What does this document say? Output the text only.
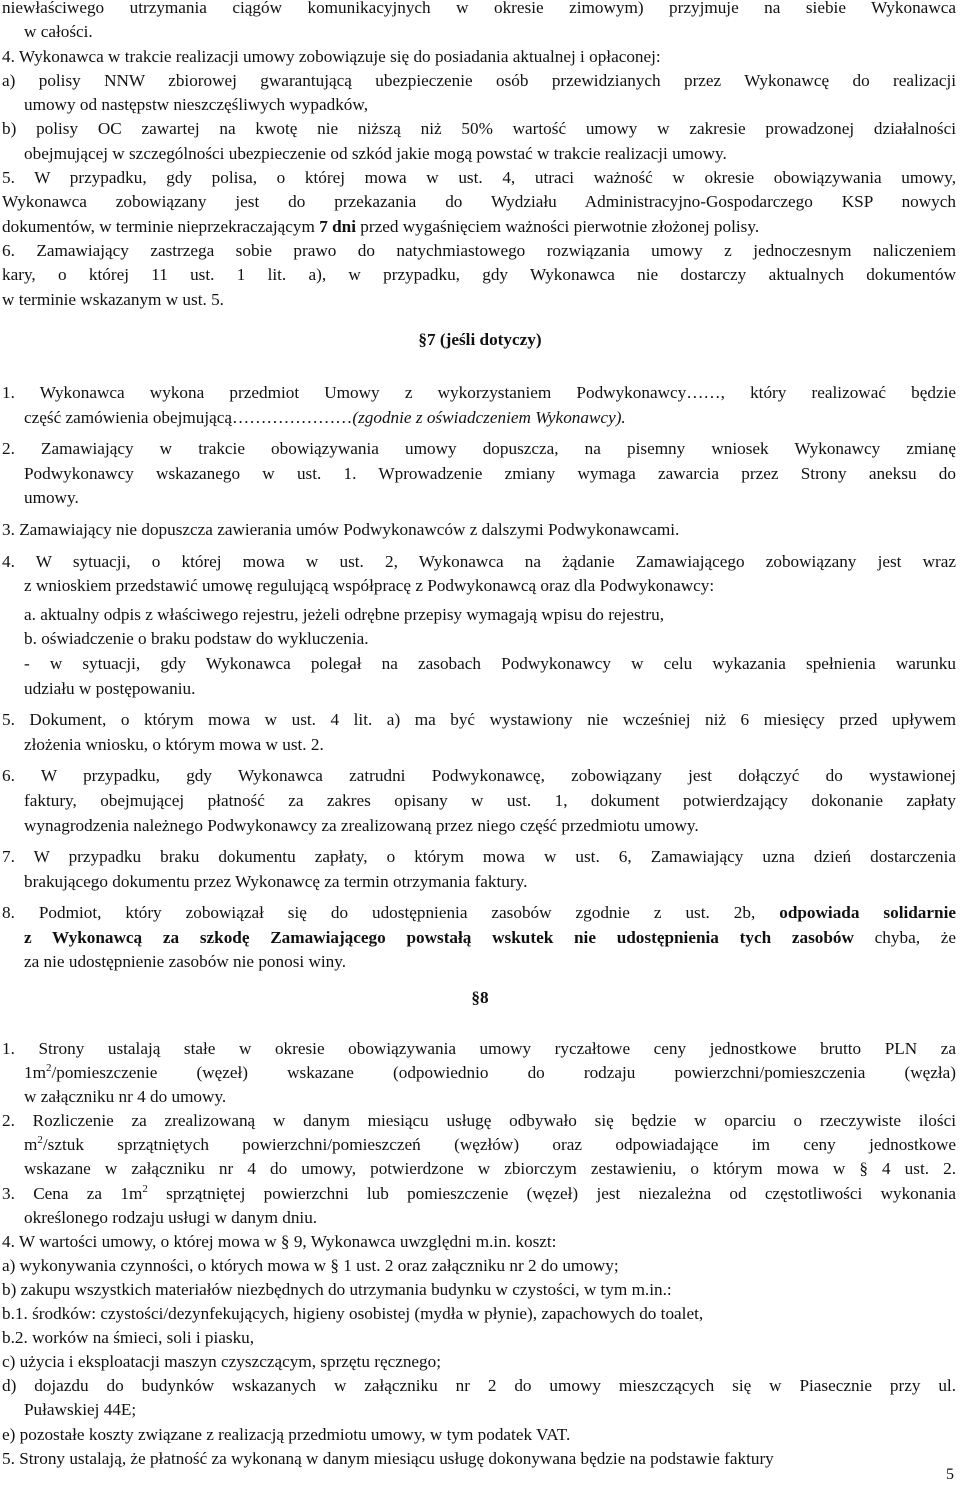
niewłaściwego utrzymania ciągów komunikacyjnych w okresie zimowym) przyjmuje na siebie Wykonawca
w całości.
4. Wykonawca w trakcie realizacji umowy zobowiązuje się do posiadania aktualnej i opłaconej:
a) polisy NNW zbiorowej gwarantującą ubezpieczenie osób przewidzianych przez Wykonawcę do realizacji
umowy od następstw nieszczęśliwych wypadków,
b) polisy OC zawartej na kwotę nie niższą niż 50% wartość umowy w zakresie prowadzonej działalności
obejmującej w szczególności ubezpieczenie od szkód jakie mogą powstać w trakcie realizacji umowy.
5. W przypadku, gdy polisa, o której mowa w ust. 4, utraci ważność w okresie obowiązywania umowy,
Wykonawca zobowiązany jest do przekazania do Wydziału Administracyjno-Gospodarczego KSP nowych
dokumentów, w terminie nieprzekraczającym 7 dni przed wygaśnięciem ważności pierwotnie złożonej polisy.
6. Zamawiający zastrzega sobie prawo do natychmiastowego rozwiązania umowy z jednoczesnym naliczeniem
kary, o której 11 ust. 1 lit. a), w przypadku, gdy Wykonawca nie dostarczy aktualnych dokumentów
w terminie wskazanym w ust. 5.
§7 (jeśli dotyczy)
1. Wykonawca wykona przedmiot Umowy z wykorzystaniem Podwykonawcy……, który realizować będzie
część zamówienia obejmującą…………………(zgodnie z oświadczeniem Wykonawcy).
2. Zamawiający w trakcie obowiązywania umowy dopuszcza, na pisemny wniosek Wykonawcy zmianę
Podwykonawcy wskazanego w ust. 1. Wprowadzenie zmiany wymaga zawarcia przez Strony aneksu do
umowy.
3. Zamawiający nie dopuszcza zawierania umów Podwykonawców z dalszymi Podwykonawcami.
4. W sytuacji, o której mowa w ust. 2, Wykonawca na żądanie Zamawiającego zobowiązany jest wraz
z wnioskiem przedstawić umowę regulującą współpracę z Podwykonawcą oraz dla Podwykonawcy:
a. aktualny odpis z właściwego rejestru, jeżeli odrębne przepisy wymagają wpisu do rejestru,
b. oświadczenie o braku podstaw do wykluczenia.
- w sytuacji, gdy Wykonawca polegał na zasobach Podwykonawcy w celu wykazania spełnienia warunku
udziału w postępowaniu.
5. Dokument, o którym mowa w ust. 4 lit. a) ma być wystawiony nie wcześniej niż 6 miesięcy przed upływem
złożenia wniosku, o którym mowa w ust. 2.
6. W przypadku, gdy Wykonawca zatrudni Podwykonawcę, zobowiązany jest dołączyć do wystawionej
faktury, obejmującej płatność za zakres opisany w ust. 1, dokument potwierdzający dokonanie zapłaty
wynagrodzenia należnego Podwykonawcy za zrealizowaną przez niego część przedmiotu umowy.
7. W przypadku braku dokumentu zapłaty, o którym mowa w ust. 6, Zamawiający uzna dzień dostarczenia
brakującego dokumentu przez Wykonawcę za termin otrzymania faktury.
8. Podmiot, który zobowiązał się do udostępnienia zasobów zgodnie z ust. 2b, odpowiada solidarnie
z Wykonawcą za szkodę Zamawiającego powstałą wskutek nie udostępnienia tych zasobów chyba, że
za nie udostępnienie zasobów nie ponosi winy.
§8
1. Strony ustalają stałe w okresie obowiązywania umowy ryczałtowe ceny jednostkowe brutto PLN za
$1m^2$/pomieszczenie (węzeł) wskazane (odpowiednio do rodzaju powierzchni/pomieszczenia (węzła)
w załączniku nr 4 do umowy.
2. Rozliczenie za zrealizowaną w danym miesiącu usługę odbywało się będzie w oparciu o rzeczywiste ilości
$m^2$/sztuk sprzątniętych powierzchni/pomieszczeń (węzłów) oraz odpowiadające im ceny jednostkowe
wskazane w załączniku nr 4 do umowy, potwierdzone w zbiorczym zestawieniu, o którym mowa w § 4 ust. 2.
3. Cena za $1m^2$ sprzątniętej powierzchni lub pomieszczenie (węzeł) jest niezależna od częstotliwości wykonania
określonego rodzaju usługi w danym dniu.
4. W wartości umowy, o której mowa w § 9, Wykonawca uwzględni m.in. koszt:
a) wykonywania czynności, o których mowa w § 1 ust. 2 oraz załączniku nr 2 do umowy;
b) zakupu wszystkich materiałów niezbędnych do utrzymania budynku w czystości, w tym m.in.:
b.1. środków: czystości/dezynfekujących, higieny osobistej (mydła w płynie), zapachowych do toalet,
b.2. worków na śmieci, soli i piasku,
c) użycia i eksploatacji maszyn czyszczącym, sprzętu ręcznego;
d) dojazdu do budynków wskazanych w załączniku nr 2 do umowy mieszczących się w Piasecznie przy ul.
Puławskiej 44E;
e) pozostałe koszty związane z realizacją przedmiotu umowy, w tym podatek VAT.
5. Strony ustalają, że płatność za wykonaną w danym miesiącu usługę dokonywana będzie na podstawie faktury
5
